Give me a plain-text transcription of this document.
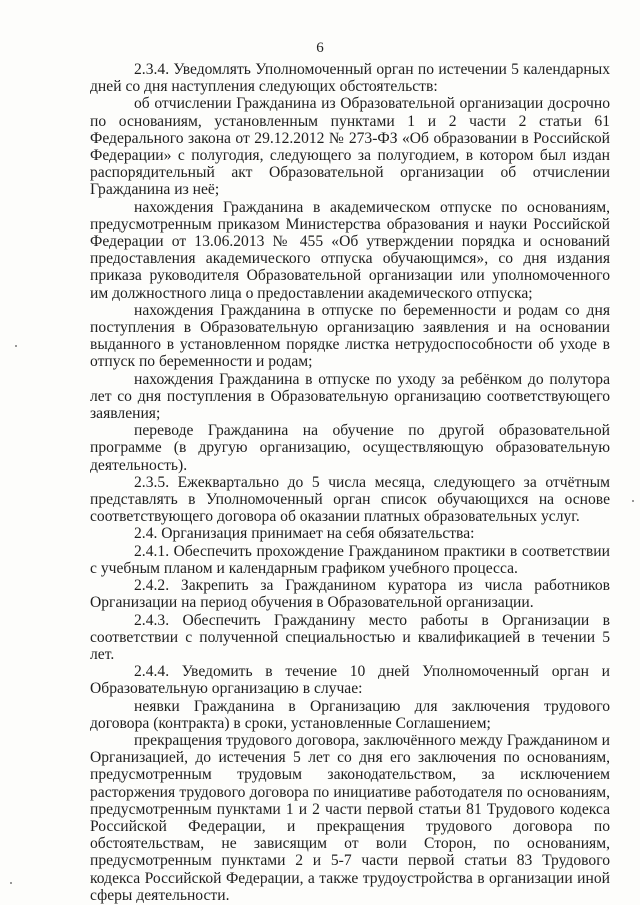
6

2.3.4. Уведомлять Уполномоченный орган по истечении 5 календарных дней со дня наступления следующих обстоятельств:

об отчислении Гражданина из Образовательной организации досрочно по основаниям, установленным пунктами 1 и 2 части 2 статьи 61 Федерального закона от 29.12.2012 № 273-ФЗ «Об образовании в Российской Федерации» с полугодия, следующего за полугодием, в котором был издан распорядительный акт Образовательной организации об отчислении Гражданина из неё;

нахождения Гражданина в академическом отпуске по основаниям, предусмотренным приказом Министерства образования и науки Российской Федерации от 13.06.2013 № 455 «Об утверждении порядка и оснований предоставления академического отпуска обучающимся», со дня издания приказа руководителя Образовательной организации или уполномоченного им должностного лица о предоставлении академического отпуска;

нахождения Гражданина в отпуске по беременности и родам со дня поступления в Образовательную организацию заявления и на основании выданного в установленном порядке листка нетрудоспособности об уходе в отпуск по беременности и родам;

нахождения Гражданина в отпуске по уходу за ребёнком до полутора лет со дня поступления в Образовательную организацию соответствующего заявления;

переводе Гражданина на обучение по другой образовательной программе (в другую организацию, осуществляющую образовательную деятельность).

2.3.5. Ежеквартально до 5 числа месяца, следующего за отчётным представлять в Уполномоченный орган список обучающихся на основе соответствующего договора об оказании платных образовательных услуг.

2.4. Организация принимает на себя обязательства:

2.4.1. Обеспечить прохождение Гражданином практики в соответствии с учебным планом и календарным графиком учебного процесса.

2.4.2. Закрепить за Гражданином куратора из числа работников Организации на период обучения в Образовательной организации.

2.4.3. Обеспечить Гражданину место работы в Организации в соответствии с полученной специальностью и квалификацией в течении 5 лет.

2.4.4. Уведомить в течение 10 дней Уполномоченный орган и Образовательную организацию в случае:

неявки Гражданина в Организацию для заключения трудового договора (контракта) в сроки, установленные Соглашением;

прекращения трудового договора, заключённого между Гражданином и Организацией, до истечения 5 лет со дня его заключения по основаниям, предусмотренным трудовым законодательством, за исключением расторжения трудового договора по инициативе работодателя по основаниям, предусмотренным пунктами 1 и 2 части первой статьи 81 Трудового кодекса Российской Федерации, и прекращения трудового договора по обстоятельствам, не зависящим от воли Сторон, по основаниям, предусмотренным пунктами 2 и 5-7 части первой статьи 83 Трудового кодекса Российской Федерации, а также трудоустройства в организации иной сферы деятельности.
